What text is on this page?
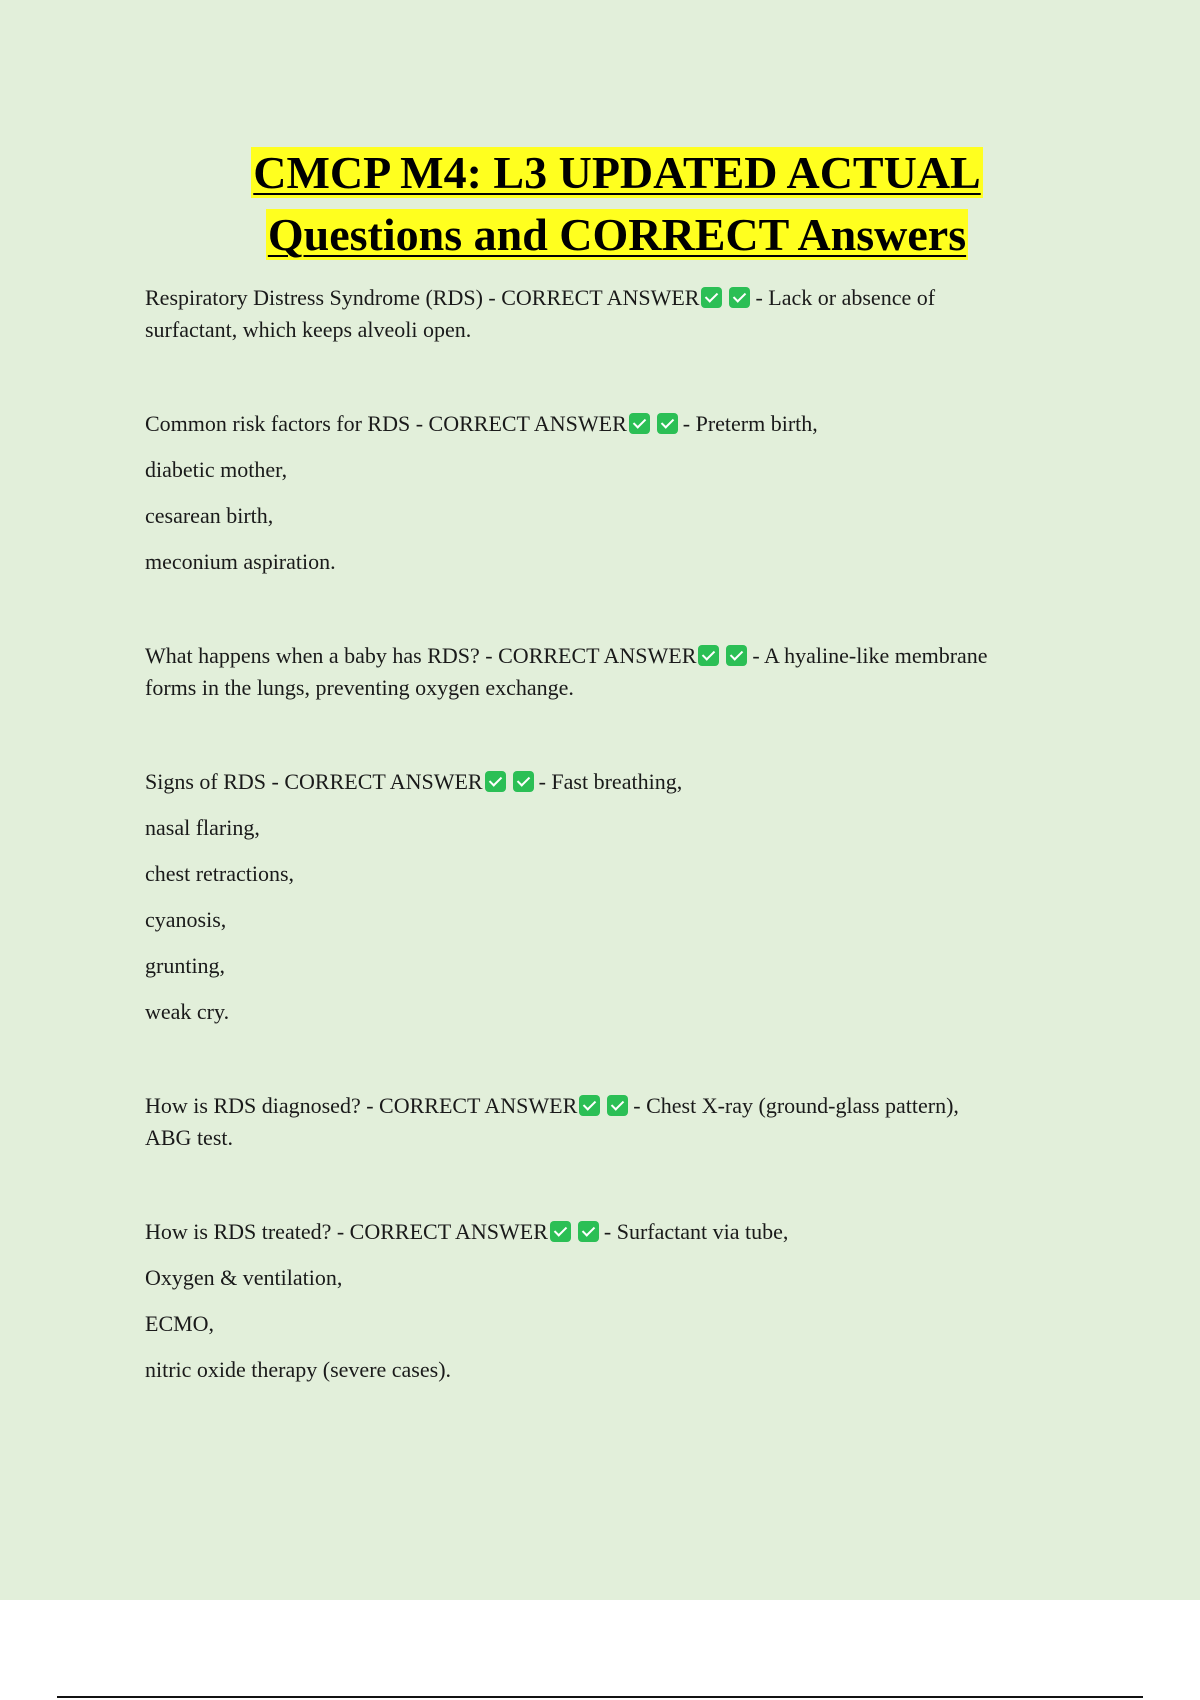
CMCP M4: L3 UPDATED ACTUAL
Questions and CORRECT Answers

Respiratory Distress Syndrome (RDS) - CORRECT ANSWER	- Lack or absence of
surfactant, which keeps alveoli open.

Common risk factors for RDS - CORRECT ANSWER	- Preterm birth,

diabetic mother,

cesarean birth,

meconium aspiration.

What happens when a baby has RDS? - CORRECT ANSWER	- A hyaline-like membrane
forms in the lungs, preventing oxygen exchange.

Signs of RDS - CORRECT ANSWER	- Fast breathing,

nasal flaring,

chest retractions,

cyanosis,

grunting,

weak cry.

How is RDS diagnosed? - CORRECT ANSWER	- Chest X-ray (ground-glass pattern),
ABG test.

How is RDS treated? - CORRECT ANSWER	- Surfactant via tube,

Oxygen & ventilation,

ECMO,

nitric oxide therapy (severe cases).
